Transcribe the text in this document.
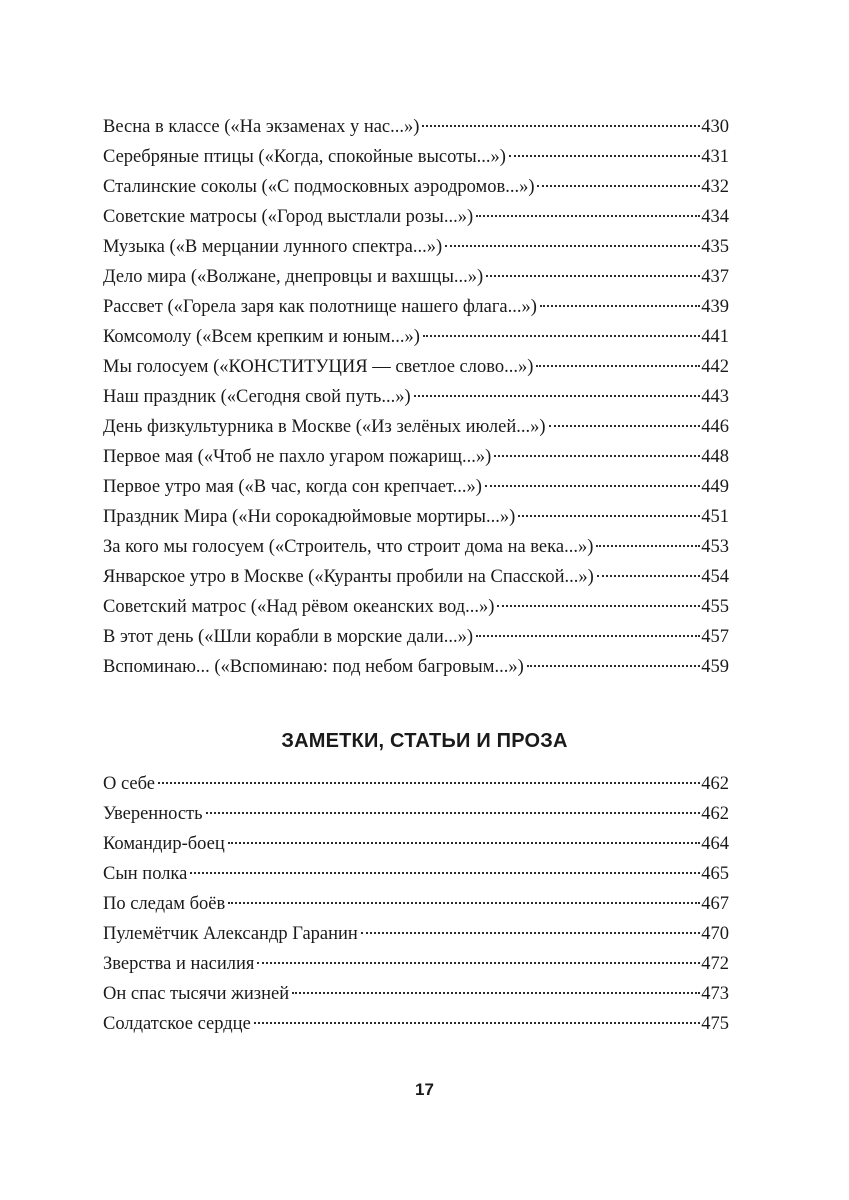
Весна в классе («На экзаменах у нас...»)	430
Серебряные птицы («Когда, спокойные высоты...»)	431
Сталинские соколы («С подмосковных аэродромов...»)	432
Советские матросы («Город выстлали розы...»)	434
Музыка («В мерцании лунного спектра...»)	435
Дело мира («Волжане, днепровцы и вахшцы...»)	437
Рассвет («Горела заря как полотнище нашего флага...»)	439
Комсомолу («Всем крепким и юным...»)	441
Мы голосуем («КОНСТИТУЦИЯ — светлое слово...»)	442
Наш праздник («Сегодня свой путь...»)	443
День физкультурника в Москве («Из зелёных июлей...»)	446
Первое мая («Чтоб не пахло угаром пожарищ...»)	448
Первое утро мая («В час, когда сон крепчает...»)	449
Праздник Мира («Ни сорокадюймовые мортиры...»)	451
За кого мы голосуем («Строитель, что строит дома на века...»)	453
Январское утро в Москве («Куранты пробили на Спасской...»)	454
Советский матрос («Над рёвом океанских вод...»)	455
В этот день («Шли корабли в морские дали...»)	457
Вспоминаю... («Вспоминаю: под небом багровым...»)	459
ЗАМЕТКИ, СТАТЬИ И ПРОЗА
О себе	462
Уверенность	462
Командир-боец	464
Сын полка	465
По следам боёв	467
Пулемётчик Александр Гаранин	470
Зверства и насилия	472
Он спас тысячи жизней	473
Солдатское сердце	475
17
